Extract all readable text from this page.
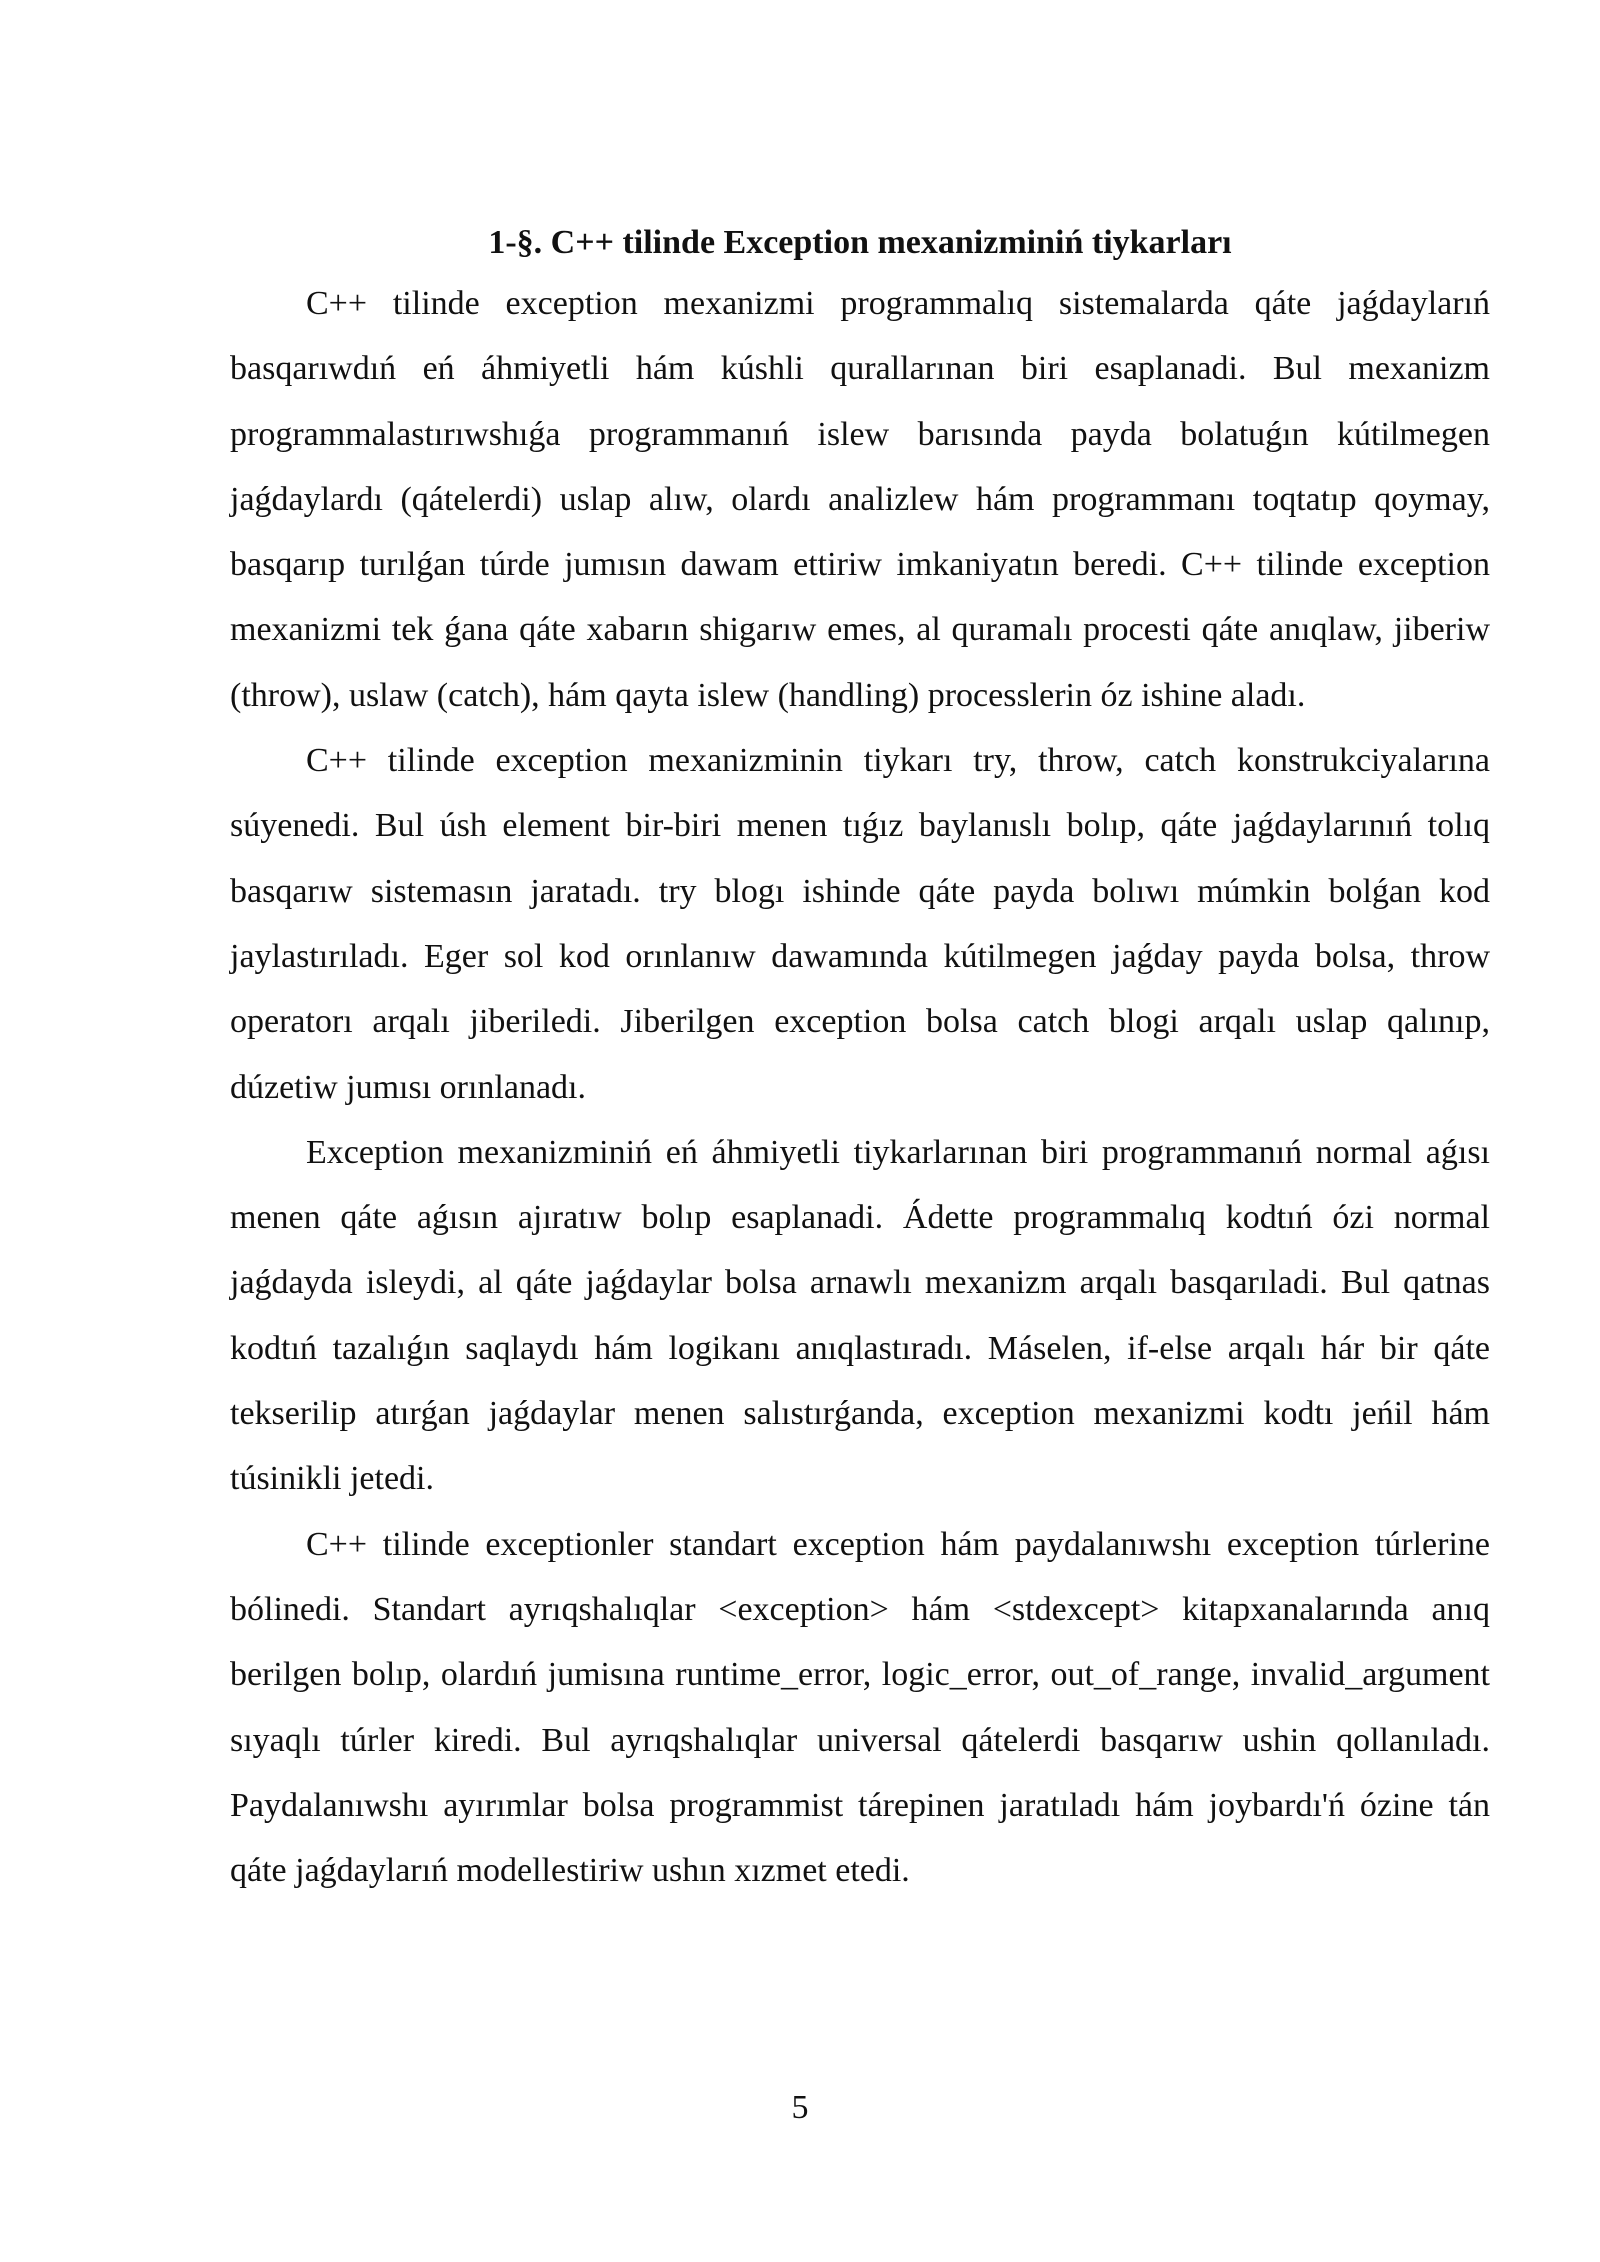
1-§. C++ tilinde Exception mexanizminiń tiykarları

C++ tilinde exception mexanizmi programmalıq sistemalarda qáte jaǵdaylarıń basqarıwdıń eń áhmiyetli hám kúshli qurallarınan biri esaplanadi. Bul mexanizm programmalastırıwshıǵa programmanıń islew barısında payda bolatuǵın kútilmegen jaǵdaylardı (qátelerdi) uslap alıw, olardı analizlew hám programmanı toqtatıp qoymay, basqarıp turılǵan túrde jumısın dawam ettiriw imkaniyatın beredi. C++ tilinde exception mexanizmi tek ǵana qáte xabarın shigarıw emes, al quramalı procesti qáte anıqlaw, jiberiw (throw), uslaw (catch), hám qayta islew (handling) processlerin óz ishine aladı.

C++ tilinde exception mexanizminin tiykarı try, throw, catch konstrukciyalarına súyenedi. Bul úsh element bir-biri menen tıǵız baylanıslı bolıp, qáte jaǵdaylarınıń tolıq basqarıw sistemasın jaratadı. try blogı ishinde qáte payda bolıwı múmkin bolǵan kod jaylastırıladı. Eger sol kod orınlanıw dawamında kútilmegen jaǵday payda bolsa, throw operatorı arqalı jiberiledi. Jiberilgen exception bolsa catch blogi arqalı uslap qalınıp, dúzetiw jumısı orınlanadı.

Exception mexanizminiń eń áhmiyetli tiykarlarınan biri programmanıń normal aǵısı menen qáte aǵısın ajıratıw bolıp esaplanadi. Ádette programmalıq kodtıń ózi normal jaǵdayda isleydi, al qáte jaǵdaylar bolsa arnawlı mexanizm arqalı basqarıladi. Bul qatnas kodtıń tazalıǵın saqlaydı hám logikanı anıqlastıradı. Máselen, if-else arqalı hár bir qáte tekserilip atırǵan jaǵdaylar menen salıstırǵanda, exception mexanizmi kodtı jeńil hám túsinikli jetedi.

C++ tilinde exceptionler standart exception hám paydalanıwshı exception túrlerine bólinedi. Standart ayrıqshalıqlar <exception> hám <stdexcept> kitapxanalarında anıq berilgen bolıp, olardıń jumisına runtime_error, logic_error, out_of_range, invalid_argument sıyaqlı túrler kiredi. Bul ayrıqshalıqlar universal qátelerdi basqarıw ushin qollanıladı. Paydalanıwshı ayırımlar bolsa programmist tárepinen jaratıladı hám joybardı'ń ózine tán qáte jaǵdaylarıń modellestiriw ushın xızmet etedi.

5
